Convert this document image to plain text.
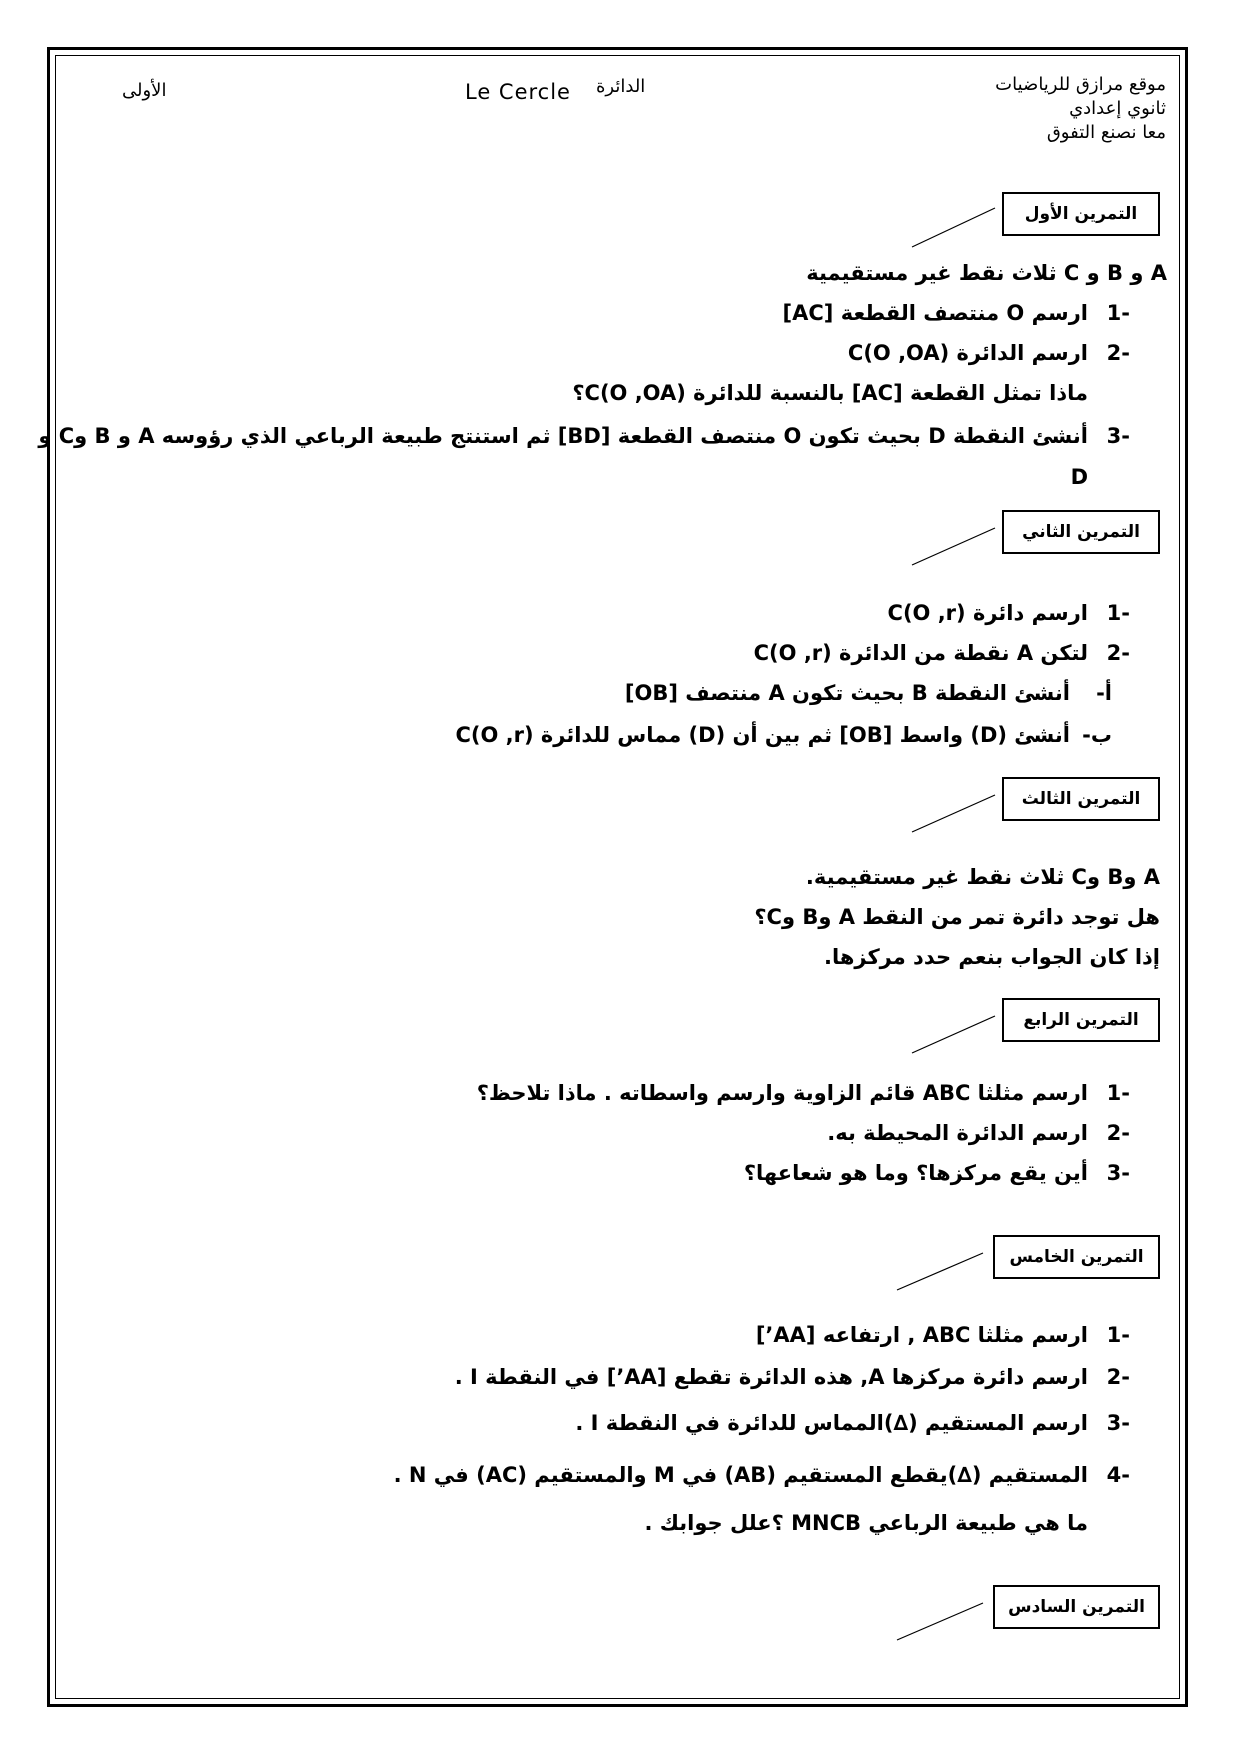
موقع مرازق للرياضيات
ثانوي إعدادي
معا نصنع التفوق
Le Cercle الدائرة
الأولى
التمرين الأول
A و B و C ثلاث نقط غير مستقيمية
-1ارسم O منتصف القطعة [AC]
-2ارسم الدائرة C(O ,OA)
ماذا تمثل القطعة [AC] بالنسبة للدائرة C(O ,OA)؟
-3أنشئ النقطة D بحيث تكون O منتصف القطعة [BD] ثم استنتج طبيعة الرباعي الذي رؤوسه A و B وC و
D
التمرين الثاني
-1ارسم دائرة C(O ,r)
-2لتكن A نقطة من الدائرة C(O ,r)
أ-أنشئ النقطة B بحيث تكون A منتصف [OB]
ب-أنشئ (D) واسط [OB] ثم بين أن (D) مماس للدائرة C(O ,r)
التمرين الثالث
A وB وC ثلاث نقط غير مستقيمية.
هل توجد دائرة تمر من النقط A وB وC؟
إذا كان الجواب بنعم حدد مركزها.
التمرين الرابع
-1ارسم مثلثا ABC قائم الزاوية وارسم واسطاته . ماذا تلاحظ؟
-2ارسم الدائرة المحيطة به.
-3أين يقع مركزها؟ وما هو شعاعها؟
التمرين الخامس
-1ارسم مثلثا ABC , ارتفاعه [AA’]
-2ارسم دائرة مركزها A, هذه الدائرة تقطع [AA’] في النقطة I .
-3ارسم المستقيم (∆)المماس للدائرة في النقطة I .
-4المستقيم (∆)يقطع المستقيم (AB) في M والمستقيم (AC) في N .
ما هي طبيعة الرباعي MNCB ؟علل جوابك .
التمرين السادس
